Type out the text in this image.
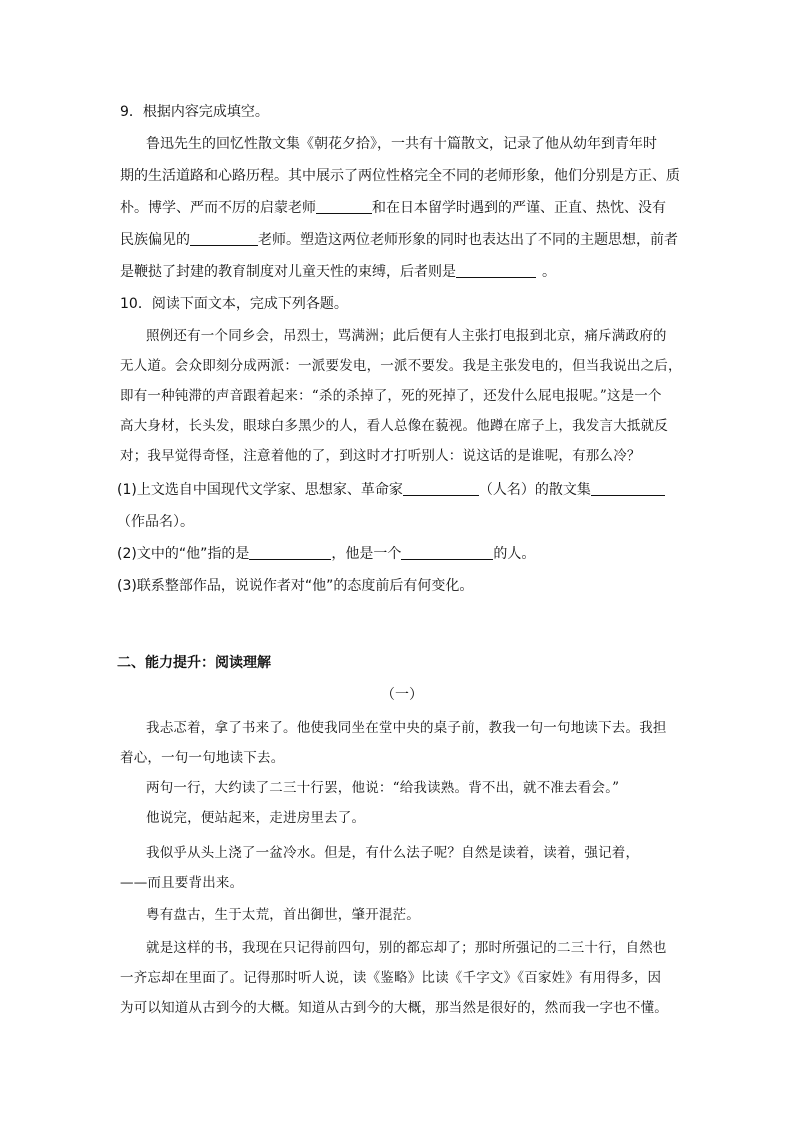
9．根据内容完成填空。
鲁迅先生的回忆性散文集《朝花夕拾》，一共有十篇散文，记录了他从幼年到青年时
期的生活道路和心路历程。其中展示了两位性格完全不同的老师形象，他们分别是方正、质
朴。博学、严而不厉的启蒙老师	和在日本留学时遇到的严谨、正直、热忱、没有
民族偏见的	老师。塑造这两位老师形象的同时也表达出了不同的主题思想，前者
是鞭挞了封建的教育制度对儿童天性的束缚，后者则是	。
10．阅读下面文本，完成下列各题。
照例还有一个同乡会，吊烈士，骂满洲；此后便有人主张打电报到北京，痛斥满政府的
无人道。会众即刻分成两派：一派要发电，一派不要发。我是主张发电的，但当我说出之后，
即有一种钝滞的声音跟着起来：“杀的杀掉了，死的死掉了，还发什么屁电报呢。”这是一个
高大身材，长头发，眼球白多黑少的人，看人总像在藐视。他蹲在席子上，我发言大抵就反
对；我早觉得奇怪，注意着他的了，到这时才打听别人：说这话的是谁呢，有那么冷？
(1)上文选自中国现代文学家、思想家、革命家	（人名）的散文集
（作品名）。
(2)文中的“他”指的是	，他是一个	的人。
(3)联系整部作品，说说作者对“他”的态度前后有何变化。
二、能力提升：阅读理解
（一）
我忐忑着，拿了书来了。他使我同坐在堂中央的桌子前，教我一句一句地读下去。我担
着心，一句一句地读下去。
两句一行，大约读了二三十行罢，他说：“给我读熟。背不出，就不准去看会。”
他说完，便站起来，走进房里去了。
我似乎从头上浇了一盆冷水。但是，有什么法子呢？自然是读着，读着，强记着，
——而且要背出来。
粤有盘古，生于太荒，首出御世，肇开混茫。
就是这样的书，我现在只记得前四句，别的都忘却了；那时所强记的二三十行，自然也
一齐忘却在里面了。记得那时听人说，读《鉴略》比读《千字文》《百家姓》有用得多，因
为可以知道从古到今的大概。知道从古到今的大概，那当然是很好的，然而我一字也不懂。
